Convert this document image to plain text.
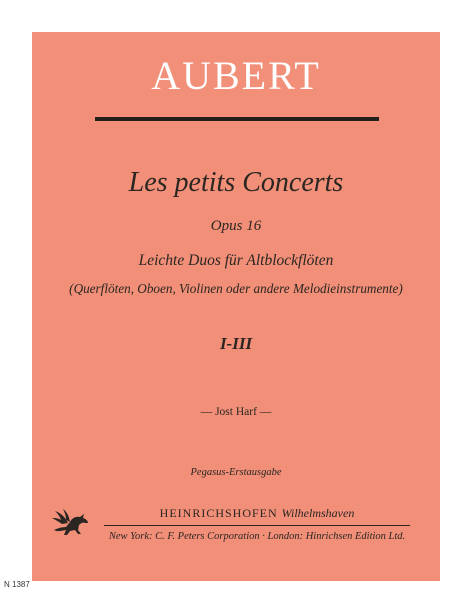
AUBERT
Les petits Concerts
Opus 16
Leichte Duos für Altblockflöten
(Querflöten, Oboen, Violinen oder andere Melodieinstrumente)
I-III
— Jost Harf —
Pegasus-Erstausgabe
HEINRICHSHOFEN Wilhelmshaven
New York: C. F. Peters Corporation · London: Hinrichsen Edition Ltd.
N 1387
